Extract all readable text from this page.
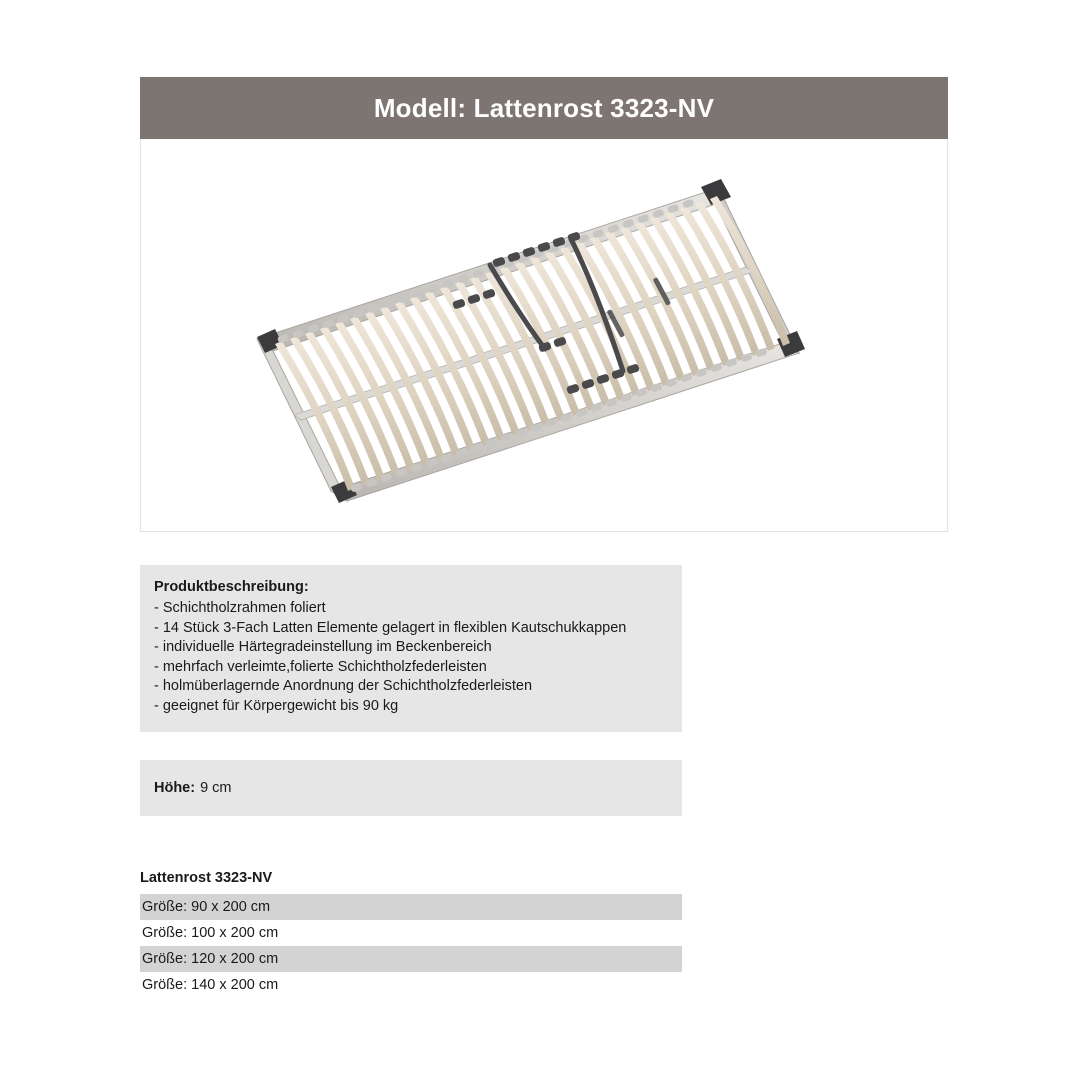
Modell: Lattenrost 3323-NV
Produktbeschreibung:
- Schichtholzrahmen foliert
- 14 Stück 3-Fach Latten Elemente gelagert in flexiblen Kautschukkappen
- individuelle Härtegradeinstellung im Beckenbereich
- mehrfach verleimte,folierte Schichtholzfederleisten
- holmüberlagernde Anordnung der Schichtholzfederleisten
- geeignet für Körpergewicht bis 90 kg
Höhe: 9 cm
Lattenrost 3323-NV
Größe: 90 x 200 cm
Größe: 100 x 200 cm
Größe: 120 x 200 cm
Größe: 140 x 200 cm
